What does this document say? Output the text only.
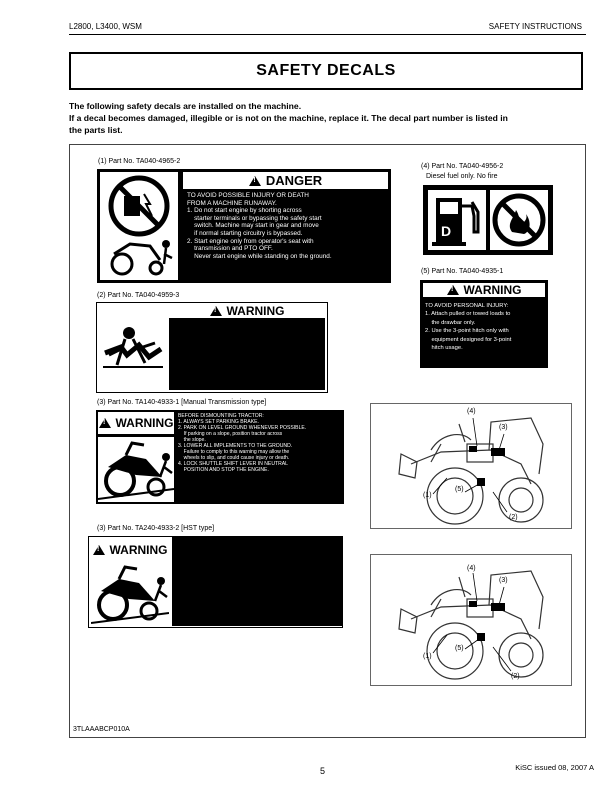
L2800, L3400, WSM	SAFETY INSTRUCTIONS
SAFETY DECALS
The following safety decals are installed on the machine.
If a decal becomes damaged, illegible or is not on the machine, replace it. The decal part number is listed in
the parts list.
(1) Part No. TA040-4965-2
!
DANGER
TO AVOID POSSIBLE INJURY OR DEATH
FROM A MACHINE RUNAWAY.
1. Do not start engine by shorting across
starter terminals or bypassing the safety start
switch. Machine may start in gear and move
if normal starting circuitry is bypassed.
2. Start engine only from operator's seat with
transmission and PTO OFF.
Never start engine while standing on the ground.
(4) Part No. TA040-4956-2
Diesel fuel only. No fire
D
(2) Part No. TA040-4959-3
!
WARNING
TO AVOID PERSONAL INJURY:
1. Keep PTO shield in place at all times.
2. Do not operate the PTO at speeds faster
than the speed recommended by the
implement manufacturer.
3. For trailing PTO-driven implements, set
drawbar at towing position.
(see operator's manual)
(5) Part No. TA040-4935-1
!
WARNING
TO AVOID PERSONAL INJURY:
1. Attach pulled or towed loads to
the drawbar only.
2. Use the 3-point hitch only with
equipment designed for 3-point
hitch usage.
(3) Part No. TA140-4933-1 [Manual Transmission type]
!
WARNING BEFORE DISMOUNTING TRACTOR:
1. ALWAYS SET PARKING BRAKE.
2. PARK ON LEVEL GROUND WHENEVER POSSIBLE.
If parking on a slope, position tractor across
the slope.
3. LOWER ALL IMPLEMENTS TO THE GROUND.
Failure to comply to this warning may allow the
wheels to slip, and could cause injury or death.
4. LOCK SHUTTLE SHIFT LEVER IN NEUTRAL
POSITION AND STOP THE ENGINE.
(3) Part No. TA240-4933-2 [HST type]
!
WARNING BEFORE DISMOUNTING TRACTOR:
1. ALWAYS SET PARKING BRAKE.
Leaving transmission in gear with the engine
stopped will not prevent tractor from rolling.
2. PARK ON LEVEL GROUND WHENEVER POSSIBLE.
If parking on a slope, position tractor across
the slope.
3. LOWER ALL IMPLEMENTS TO THE GROUND.
Failure to comply to this warning may allow the
wheels to slip, and could cause injury or death.
4. STOP THE ENGINE.
(4)
(3)
(1)
(5)
(2)
(4)
(3)
(1)
(5)
(2)
3TLAAABCP010A
5	KiSC issued 08, 2007 A
